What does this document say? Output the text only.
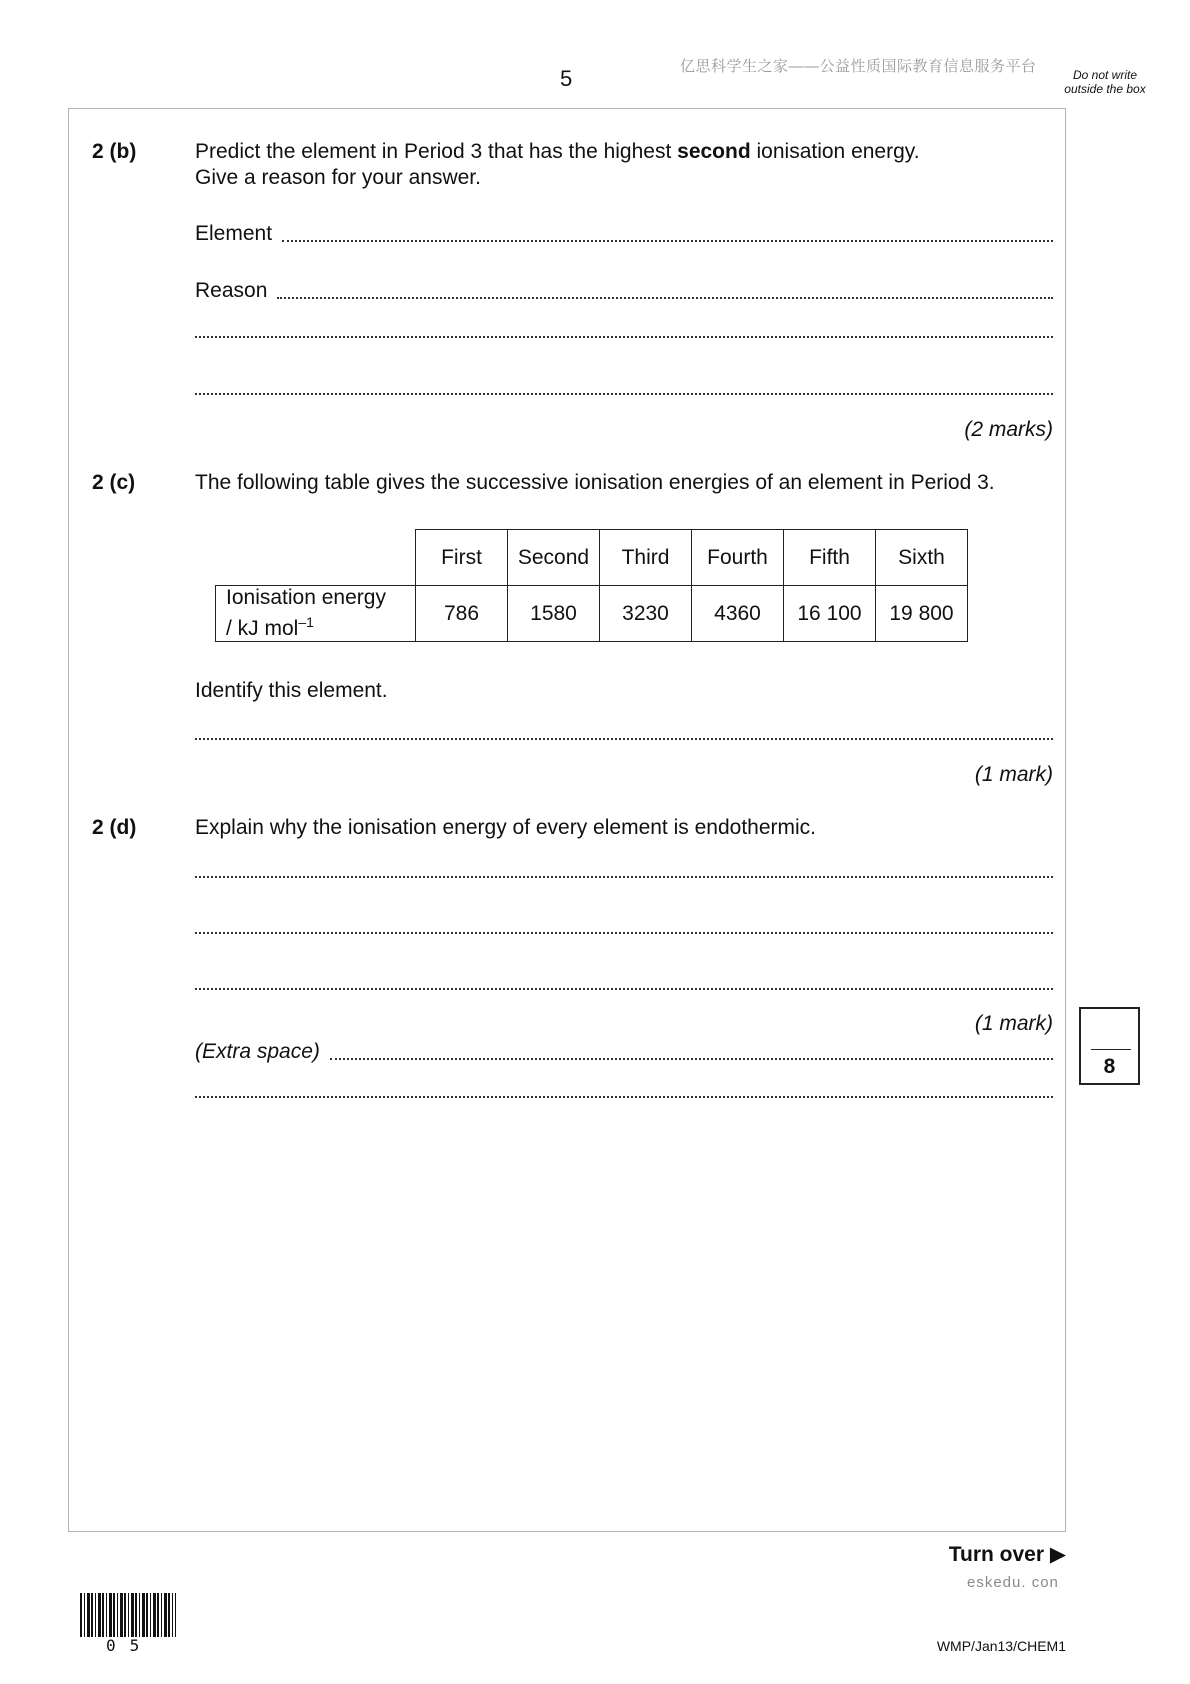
5	亿思科学生之家——公益性质国际教育信息服务平台	Do not write outside the box
2 (b)	Predict the element in Period 3 that has the highest second ionisation energy.
Give a reason for your answer.
Element
Reason
(2 marks)
2 (c)	The following table gives the successive ionisation energies of an element in Period 3.
	First	Second	Third	Fourth	Fifth	Sixth
Ionisation energy
/ kJ mol$^{-1}$	786	1580	3230	4360	16 100	19 800
Identify this element.
(1 mark)
2 (d)	Explain why the ionisation energy of every element is endothermic.
(1 mark)
(Extra space)
8
Turn over ▶
eskedu. con
05	WMP/Jan13/CHEM1
